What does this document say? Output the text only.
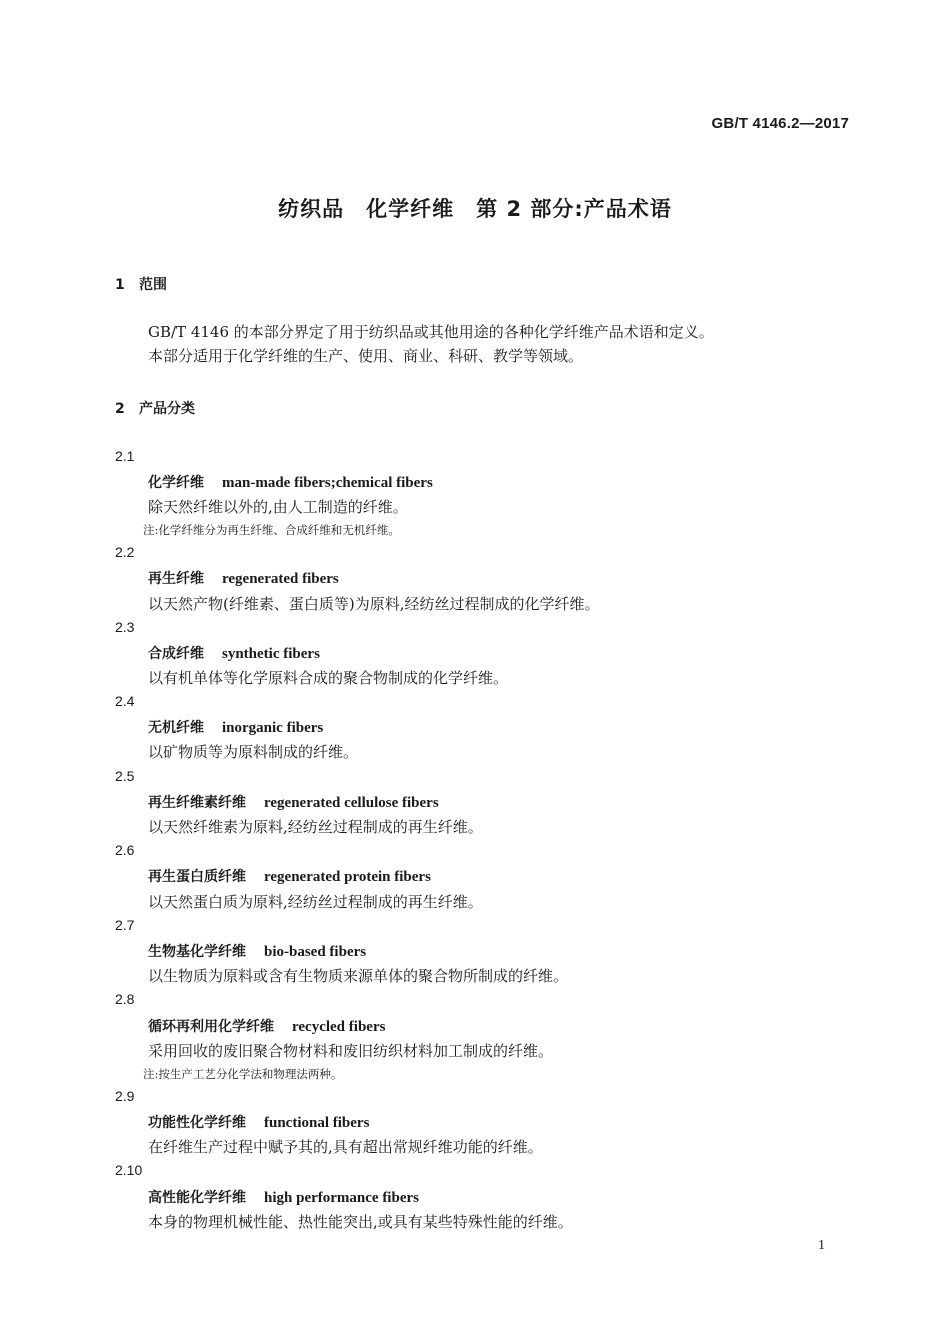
GB/T 4146.2—2017
纺织品　化学纤维　第 2 部分:产品术语
1 范围
GB/T 4146 的本部分界定了用于纺织品或其他用途的各种化学纤维产品术语和定义。
本部分适用于化学纤维的生产、使用、商业、科研、教学等领域。
2 产品分类
2.1
化学纤维 man-made fibers;chemical fibers
除天然纤维以外的,由人工制造的纤维。
注:化学纤维分为再生纤维、合成纤维和无机纤维。
2.2
再生纤维 regenerated fibers
以天然产物(纤维素、蛋白质等)为原料,经纺丝过程制成的化学纤维。
2.3
合成纤维 synthetic fibers
以有机单体等化学原料合成的聚合物制成的化学纤维。
2.4
无机纤维 inorganic fibers
以矿物质等为原料制成的纤维。
2.5
再生纤维素纤维 regenerated cellulose fibers
以天然纤维素为原料,经纺丝过程制成的再生纤维。
2.6
再生蛋白质纤维 regenerated protein fibers
以天然蛋白质为原料,经纺丝过程制成的再生纤维。
2.7
生物基化学纤维 bio-based fibers
以生物质为原料或含有生物质来源单体的聚合物所制成的纤维。
2.8
循环再利用化学纤维 recycled fibers
采用回收的废旧聚合物材料和废旧纺织材料加工制成的纤维。
注:按生产工艺分化学法和物理法两种。
2.9
功能性化学纤维 functional fibers
在纤维生产过程中赋予其的,具有超出常规纤维功能的纤维。
2.10
高性能化学纤维 high performance fibers
本身的物理机械性能、热性能突出,或具有某些特殊性能的纤维。
1
